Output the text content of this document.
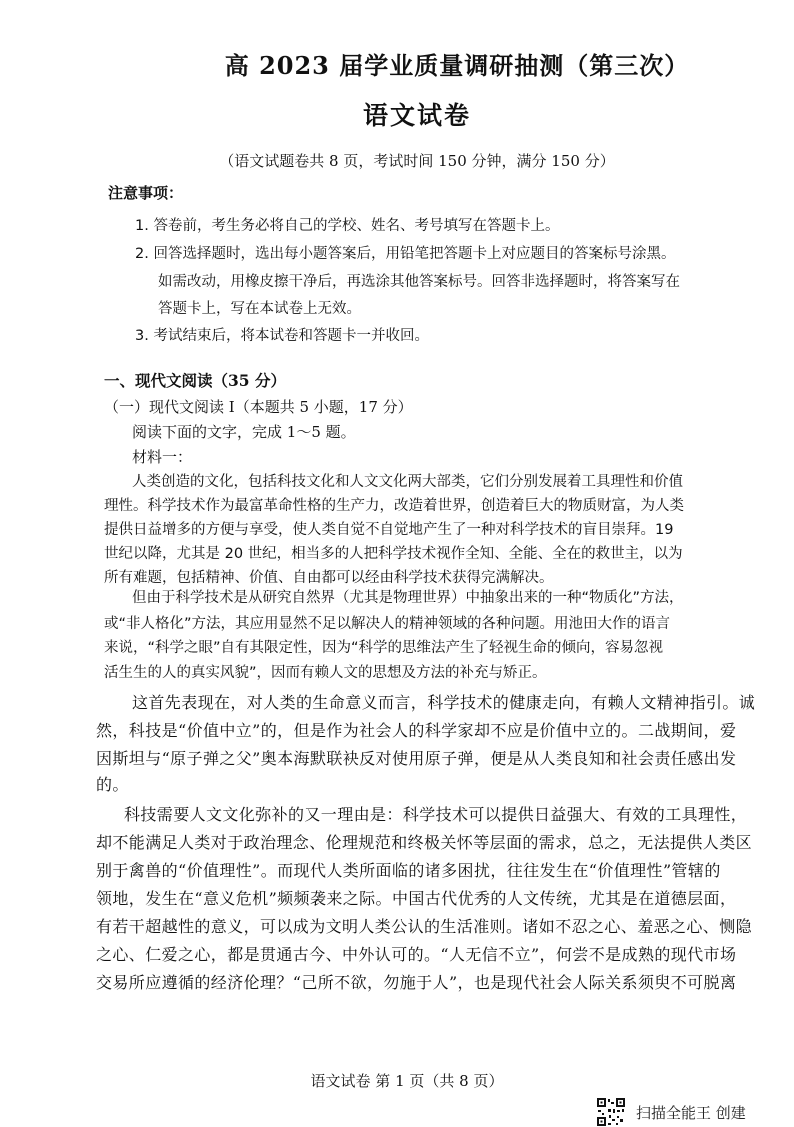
高 2023 届学业质量调研抽测（第三次）
语文试卷
（语文试题卷共 8 页，考试时间 150 分钟，满分 150 分）
注意事项：
1. 答卷前，考生务必将自己的学校、姓名、考号填写在答题卡上。
2. 回答选择题时，选出每小题答案后，用铅笔把答题卡上对应题目的答案标号涂黑。
如需改动，用橡皮擦干净后，再选涂其他答案标号。回答非选择题时，将答案写在
答题卡上，写在本试卷上无效。
3. 考试结束后，将本试卷和答题卡一并收回。
一、现代文阅读（35 分）
（一）现代文阅读 Ⅰ（本题共 5 小题，17 分）
阅读下面的文字，完成 1～5 题。
材料一：
人类创造的文化，包括科技文化和人文文化两大部类，它们分别发展着工具理性和价值
理性。科学技术作为最富革命性格的生产力，改造着世界，创造着巨大的物质财富，为人类
提供日益增多的方便与享受，使人类自觉不自觉地产生了一种对科学技术的盲目崇拜。19
世纪以降，尤其是 20 世纪，相当多的人把科学技术视作全知、全能、全在的救世主，以为
所有难题，包括精神、价值、自由都可以经由科学技术获得完满解决。
但由于科学技术是从研究自然界（尤其是物理世界）中抽象出来的一种“物质化”方法，
或“非人格化”方法，其应用显然不足以解决人的精神领域的各种问题。用池田大作的语言
来说，“科学之眼”自有其限定性，因为“科学的思维法产生了轻视生命的倾向，容易忽视
活生生的人的真实风貌”，因而有赖人文的思想及方法的补充与矫正。
这首先表现在，对人类的生命意义而言，科学技术的健康走向，有赖人文精神指引。诚
然，科技是“价值中立”的，但是作为社会人的科学家却不应是价值中立的。二战期间，爱
因斯坦与“原子弹之父”奥本海默联袂反对使用原子弹，便是从人类良知和社会责任感出发
的。
科技需要人文文化弥补的又一理由是：科学技术可以提供日益强大、有效的工具理性，
却不能满足人类对于政治理念、伦理规范和终极关怀等层面的需求，总之，无法提供人类区
别于禽兽的“价值理性”。而现代人类所面临的诸多困扰，往往发生在“价值理性”管辖的
领地，发生在“意义危机”频频袭来之际。中国古代优秀的人文传统，尤其是在道德层面，
有若干超越性的意义，可以成为文明人类公认的生活准则。诸如不忍之心、羞恶之心、恻隐
之心、仁爱之心，都是贯通古今、中外认可的。“人无信不立”，何尝不是成熟的现代市场
交易所应遵循的经济伦理？“己所不欲，勿施于人”，也是现代社会人际关系须臾不可脱离
语文试卷 第 1 页（共 8 页）
扫描全能王 创建
